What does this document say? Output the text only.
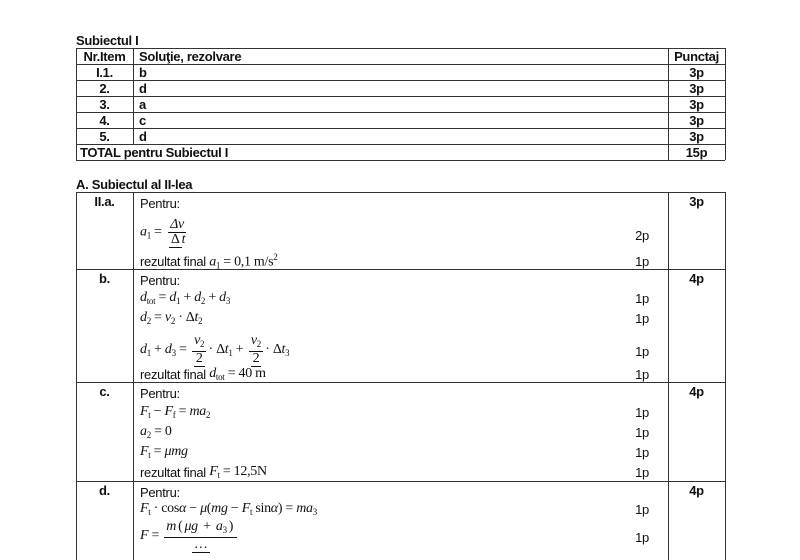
Subiectul I
Nr.Item	Soluţie, rezolvare	Punctaj
I.1.	b	3p
2.	d	3p
3.	a	3p
4.	c	3p
5.	d	3p
TOTAL pentru Subiectul I	15p
A. Subiectul al II-lea
II.a.	3p
Pentru:
$a_1 = \frac{\Delta v}{\text{Δ t}}$	2p
rezultat final $a_1 = 0,1$ $m/s^2$	1p
b.	4p
Pentru:
$d_{tot} = d_1 + d_2 + d_3$	1p
$d_2 = v_2 \cdot \Delta t_2$	1p
$d_1 + d_3 = \frac{v_2}{2} \cdot \Delta t_1 + \frac{v_2}{2} \cdot \Delta t_3$	1p
rezultat final $d_{tot} = 40$ m	1p
c.	4p
Pentru:
$F_t - F_f = ma_2$	1p
$a_2 = 0$	1p
$F_t = \mu mg$	1p
rezultat final $F_t = 12,5N$	1p
d.	4p
Pentru:
$F_t \cdot \cos\alpha - \mu(mg - F_t$ $\sin\alpha) = ma_3$	1p
$F = \frac{m ( \mu g + a_3 )}{\dots}$	1p
